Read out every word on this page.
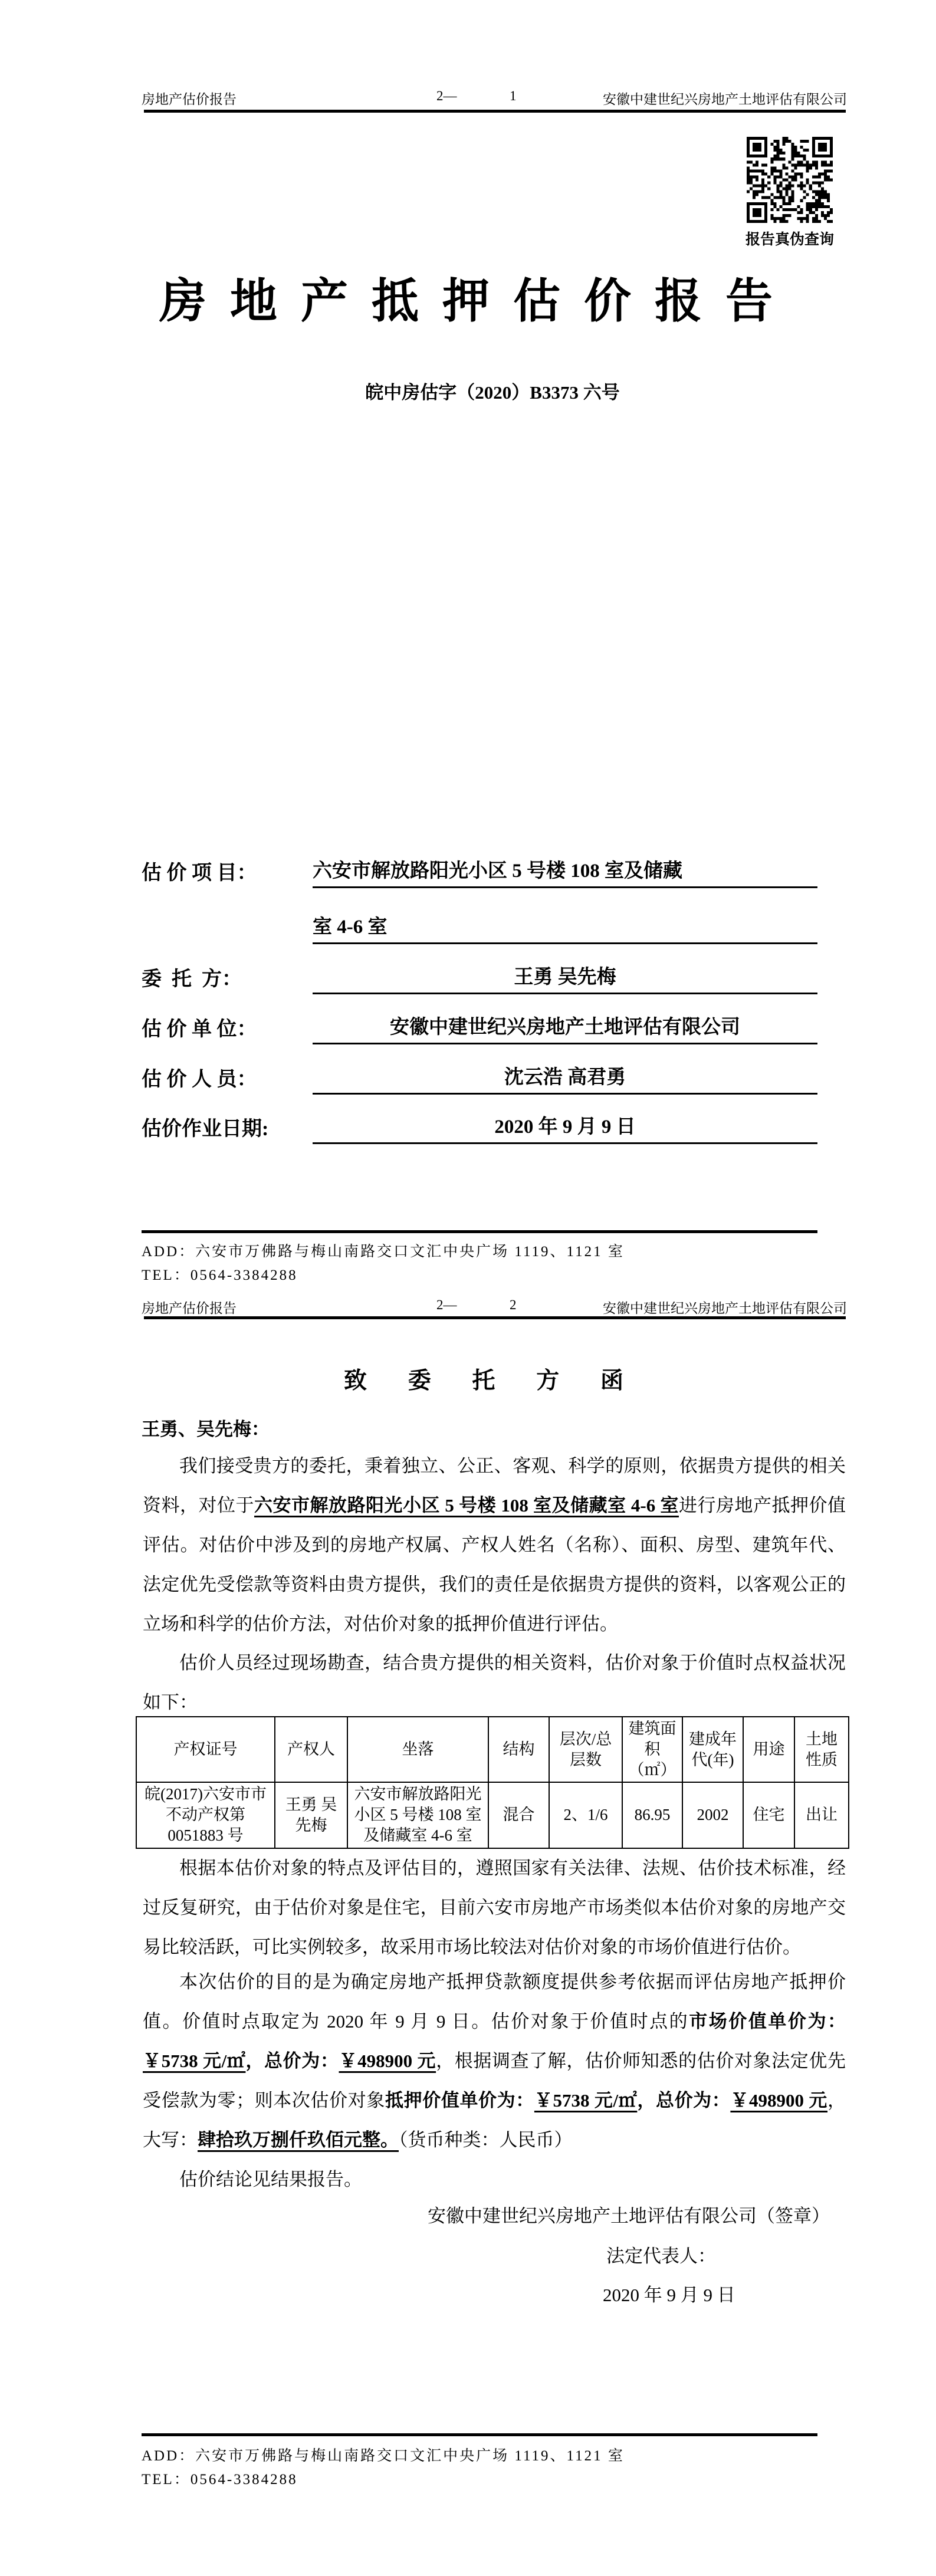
房地产估价报告	2—	1	安徽中建世纪兴房地产土地评估有限公司
报告真伪查询
房 地 产 抵 押 估 价 报 告
皖中房估字（2020）B3373 六号
估 价 项 目：	六安市解放路阳光小区 5 号楼 108 室及储藏
室 4-6 室
委  托  方：	王勇 吴先梅
估 价 单 位：	安徽中建世纪兴房地产土地评估有限公司
估 价 人 员：	沈云浩 高君勇
估价作业日期:	2020 年 9 月 9 日
ADD：六安市万佛路与梅山南路交口文汇中央广场 1119、1121 室
TEL：0564-3384288
房地产估价报告	2—	2	安徽中建世纪兴房地产土地评估有限公司
致 委 托 方 函
王勇、吴先梅：
我们接受贵方的委托，秉着独立、公正、客观、科学的原则，依据贵方提供的相关资料，对位于六安市解放路阳光小区 5 号楼 108 室及储藏室 4-6 室进行房地产抵押价值评估。对估价中涉及到的房地产权属、产权人姓名（名称）、面积、房型、建筑年代、法定优先受偿款等资料由贵方提供，我们的责任是依据贵方提供的资料，以客观公正的立场和科学的估价方法，对估价对象的抵押价值进行评估。
估价人员经过现场勘查，结合贵方提供的相关资料，估价对象于价值时点权益状况如下：
产权证号	产权人	坐落	结构	层次/总层数	建筑面积（㎡）	建成年代(年)	用途	土地性质
皖(2017)六安市市不动产权第 0051883 号	王勇 吴先梅	六安市解放路阳光小区 5 号楼 108 室及储藏室 4-6 室	混合	2、1/6	86.95	2002	住宅	出让
根据本估价对象的特点及评估目的，遵照国家有关法律、法规、估价技术标准，经过反复研究，由于估价对象是住宅，目前六安市房地产市场类似本估价对象的房地产交易比较活跃，可比实例较多，故采用市场比较法对估价对象的市场价值进行估价。
本次估价的目的是为确定房地产抵押贷款额度提供参考依据而评估房地产抵押价值。价值时点取定为 2020 年 9 月 9 日。估价对象于价值时点的市场价值单价为：￥5738 元/㎡，总价为：￥498900 元，根据调查了解，估价师知悉的估价对象法定优先受偿款为零；则本次估价对象抵押价值单价为：￥5738 元/㎡，总价为：￥498900 元，大写：肆拾玖万捌仟玖佰元整。（货币种类：人民币）
估价结论见结果报告。
安徽中建世纪兴房地产土地评估有限公司（签章）
法定代表人：
2020 年 9 月 9 日
ADD：六安市万佛路与梅山南路交口文汇中央广场 1119、1121 室
TEL：0564-3384288
